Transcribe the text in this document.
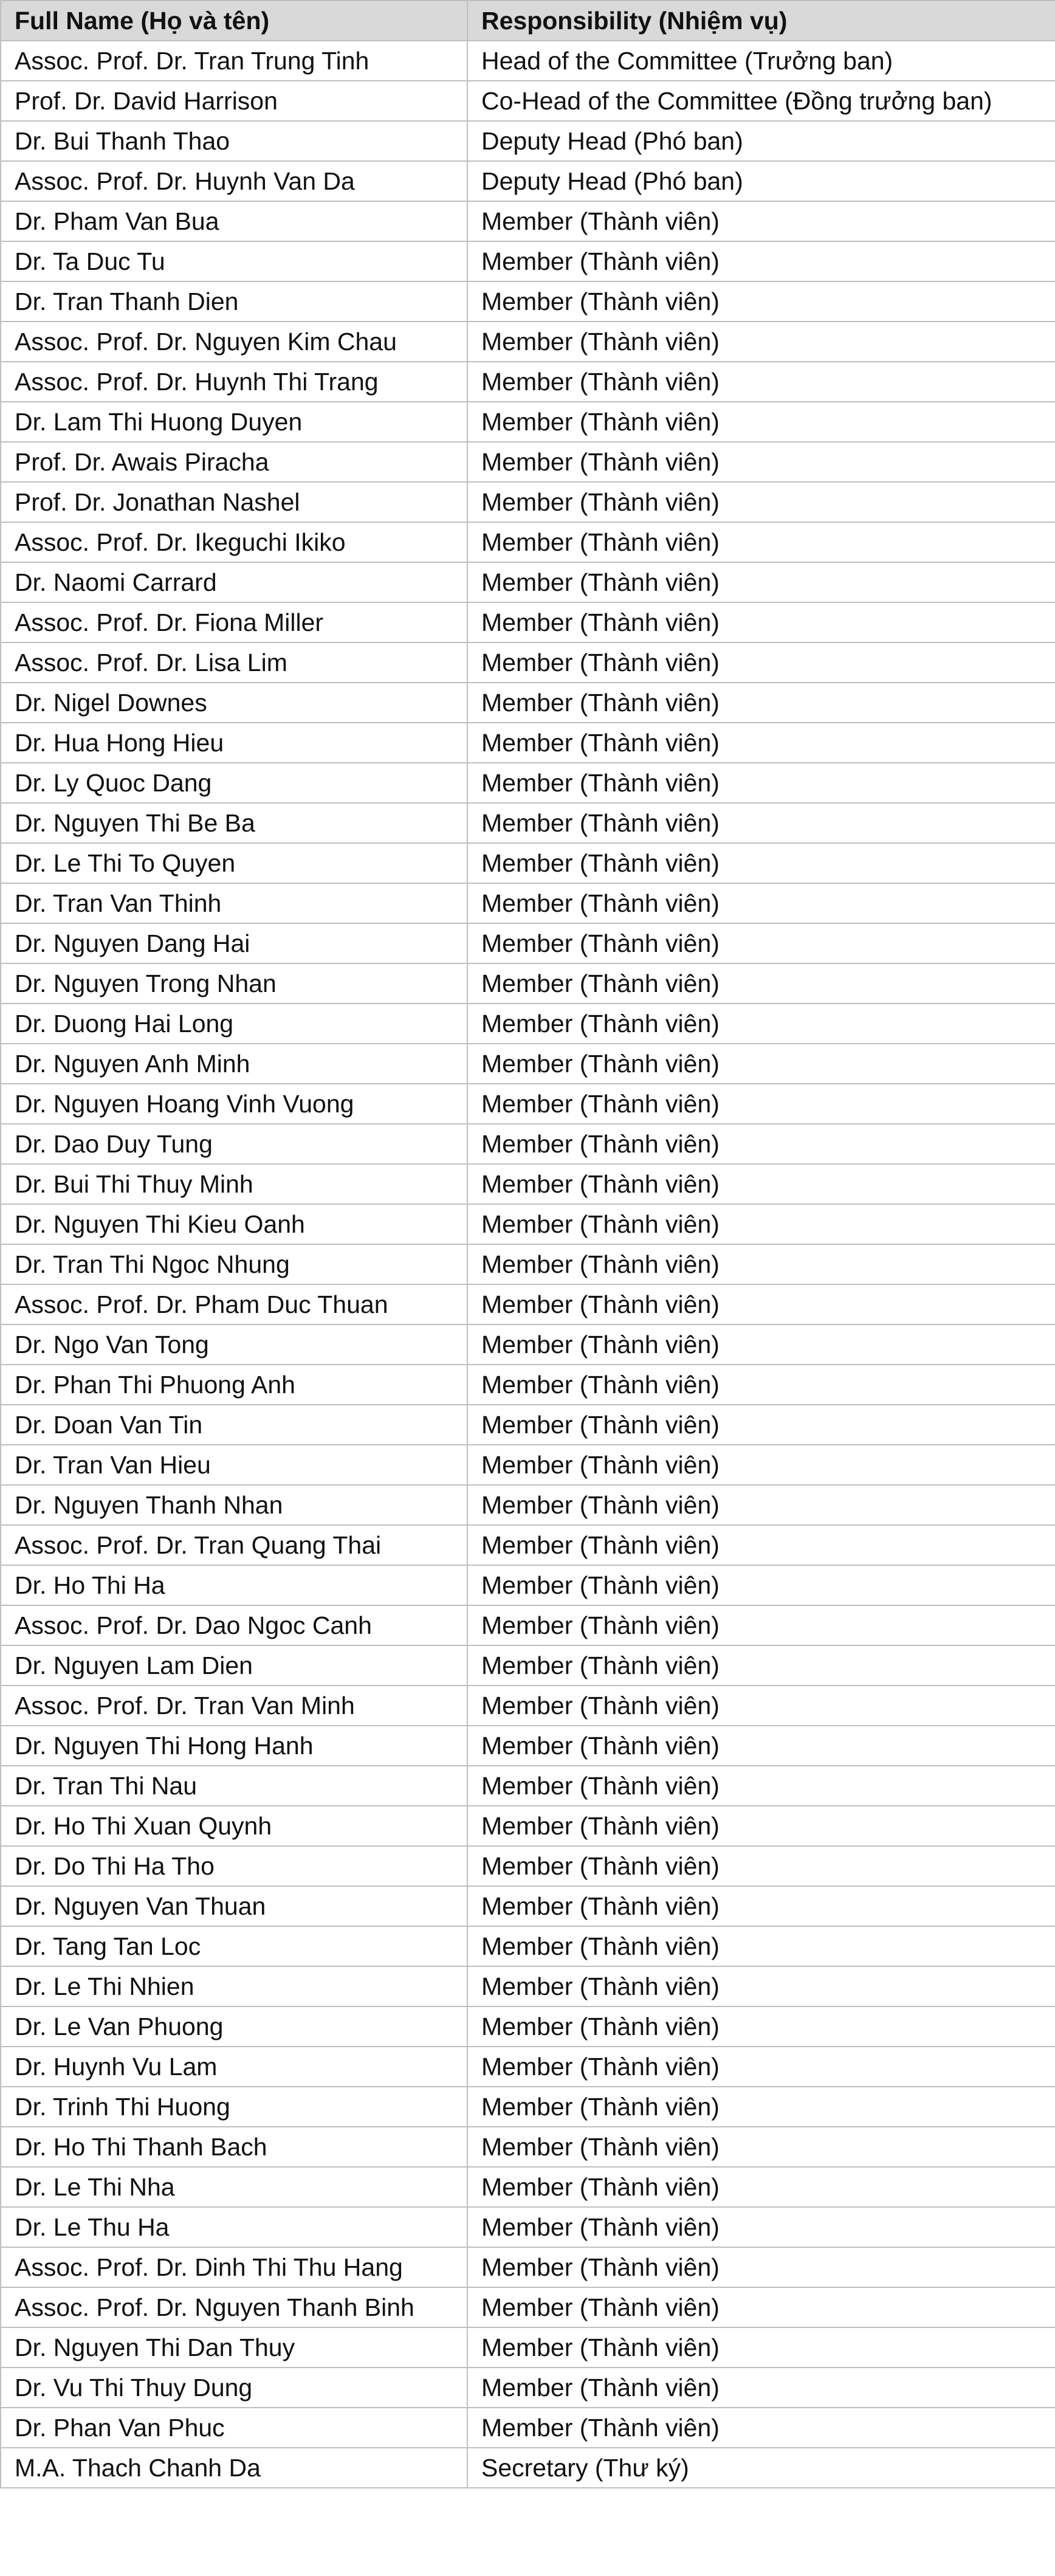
Full Name (Họ và tên)	Responsibility (Nhiệm vụ)
Assoc. Prof. Dr. Tran Trung Tinh	Head of the Committee (Trưởng ban)
Prof. Dr. David Harrison	Co-Head of the Committee (Đồng trưởng ban)
Dr. Bui Thanh Thao	Deputy Head (Phó ban)
Assoc. Prof. Dr. Huynh Van Da	Deputy Head (Phó ban)
Dr. Pham Van Bua	Member (Thành viên)
Dr. Ta Duc Tu	Member (Thành viên)
Dr. Tran Thanh Dien	Member (Thành viên)
Assoc. Prof. Dr. Nguyen Kim Chau	Member (Thành viên)
Assoc. Prof. Dr. Huynh Thi Trang	Member (Thành viên)
Dr. Lam Thi Huong Duyen	Member (Thành viên)
Prof. Dr. Awais Piracha	Member (Thành viên)
Prof. Dr. Jonathan Nashel	Member (Thành viên)
Assoc. Prof. Dr. Ikeguchi Ikiko	Member (Thành viên)
Dr. Naomi Carrard	Member (Thành viên)
Assoc. Prof. Dr. Fiona Miller	Member (Thành viên)
Assoc. Prof. Dr. Lisa Lim	Member (Thành viên)
Dr. Nigel Downes	Member (Thành viên)
Dr. Hua Hong Hieu	Member (Thành viên)
Dr. Ly Quoc Dang	Member (Thành viên)
Dr. Nguyen Thi Be Ba	Member (Thành viên)
Dr. Le Thi To Quyen	Member (Thành viên)
Dr. Tran Van Thinh	Member (Thành viên)
Dr. Nguyen Dang Hai	Member (Thành viên)
Dr. Nguyen Trong Nhan	Member (Thành viên)
Dr. Duong Hai Long	Member (Thành viên)
Dr. Nguyen Anh Minh	Member (Thành viên)
Dr. Nguyen Hoang Vinh Vuong	Member (Thành viên)
Dr. Dao Duy Tung	Member (Thành viên)
Dr. Bui Thi Thuy Minh	Member (Thành viên)
Dr. Nguyen Thi Kieu Oanh	Member (Thành viên)
Dr. Tran Thi Ngoc Nhung	Member (Thành viên)
Assoc. Prof. Dr. Pham Duc Thuan	Member (Thành viên)
Dr. Ngo Van Tong	Member (Thành viên)
Dr. Phan Thi Phuong Anh	Member (Thành viên)
Dr. Doan Van Tin	Member (Thành viên)
Dr. Tran Van Hieu	Member (Thành viên)
Dr. Nguyen Thanh Nhan	Member (Thành viên)
Assoc. Prof. Dr. Tran Quang Thai	Member (Thành viên)
Dr. Ho Thi Ha	Member (Thành viên)
Assoc. Prof. Dr. Dao Ngoc Canh	Member (Thành viên)
Dr. Nguyen Lam Dien	Member (Thành viên)
Assoc. Prof. Dr. Tran Van Minh	Member (Thành viên)
Dr. Nguyen Thi Hong Hanh	Member (Thành viên)
Dr. Tran Thi Nau	Member (Thành viên)
Dr. Ho Thi Xuan Quynh	Member (Thành viên)
Dr. Do Thi Ha Tho	Member (Thành viên)
Dr. Nguyen Van Thuan	Member (Thành viên)
Dr. Tang Tan Loc	Member (Thành viên)
Dr. Le Thi Nhien	Member (Thành viên)
Dr. Le Van Phuong	Member (Thành viên)
Dr. Huynh Vu Lam	Member (Thành viên)
Dr. Trinh Thi Huong	Member (Thành viên)
Dr. Ho Thi Thanh Bach	Member (Thành viên)
Dr. Le Thi Nha	Member (Thành viên)
Dr. Le Thu Ha	Member (Thành viên)
Assoc. Prof. Dr. Dinh Thi Thu Hang	Member (Thành viên)
Assoc. Prof. Dr. Nguyen Thanh Binh	Member (Thành viên)
Dr. Nguyen Thi Dan Thuy	Member (Thành viên)
Dr. Vu Thi Thuy Dung	Member (Thành viên)
Dr. Phan Van Phuc	Member (Thành viên)
M.A. Thach Chanh Da	Secretary (Thư ký)
